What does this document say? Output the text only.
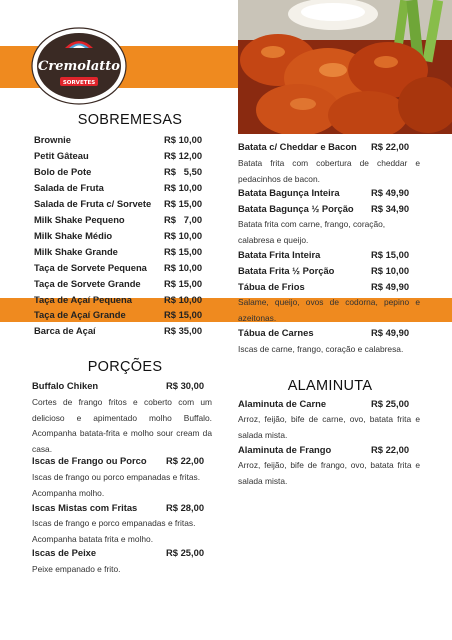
Cremolatto
SORVETES
SOBREMESAS
Brownie	R$ 10,00
Petit Gâteau	R$ 12,00
Bolo de Pote	R$   5,50
Salada de Fruta	R$ 10,00
Salada de Fruta c/ Sorvete R$ 15,00
Milk Shake Pequeno	R$   7,00
Milk Shake Médio	R$ 10,00
Milk Shake Grande	R$ 15,00
Taça de Sorvete Pequena R$ 10,00
Taça de Sorvete Grande R$ 15,00
Taça de Açaí Pequena	R$ 10,00
Taça de Açaí Grande	R$ 15,00
Barca de Açaí	R$ 35,00
PORÇÕES
Buffalo Chiken	R$ 30,00
Cortes de frango fritos e coberto com um delicioso e apimentado molho Buffalo. Acompanha batata-frita e molho sour cream da casa.
Iscas de Frango ou Porco R$ 22,00
Iscas de frango ou porco empanadas e fritas. Acompanha molho.
Iscas Mistas com Fritas	R$ 28,00
Iscas de frango e porco empanadas e fritas. Acompanha batata frita e molho.
Iscas de Peixe	R$ 25,00
Peixe empanado e frito.
Batata c/ Cheddar e Bacon R$ 22,00
Batata frita com cobertura de cheddar e pedacinhos de bacon.
Batata Bagunça Inteira	R$ 49,90
Batata Bagunça ½ Porção R$ 34,90
Batata frita com carne, frango, coração, calabresa e queijo.
Batata Frita Inteira	R$ 15,00
Batata Frita ½ Porção	R$ 10,00
Tábua de Frios	R$ 49,90
Salame, queijo, ovos de codorna, pepino e azeitonas.
Tábua de Carnes	R$ 49,90
Iscas de carne, frango, coração e calabresa.
ALAMINUTA
Alaminuta de Carne	R$ 25,00
Arroz, feijão, bife de carne, ovo, batata frita e salada mista.
Alaminuta de Frango	R$ 22,00
Arroz, feijão, bife de frango, ovo, batata frita e salada mista.
